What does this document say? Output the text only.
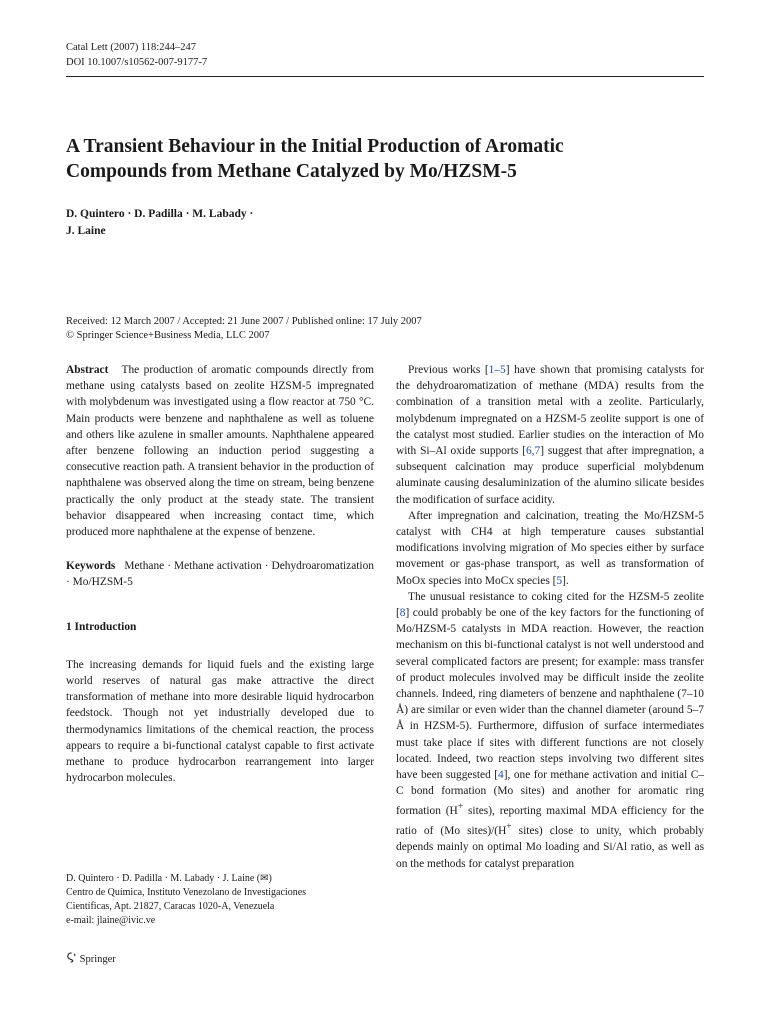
Catal Lett (2007) 118:244–247
DOI 10.1007/s10562-007-9177-7
A Transient Behaviour in the Initial Production of Aromatic
Compounds from Methane Catalyzed by Mo/HZSM-5
D. Quintero · D. Padilla · M. Labady ·
J. Laine
Received: 12 March 2007 / Accepted: 21 June 2007 / Published online: 17 July 2007
© Springer Science+Business Media, LLC 2007

Abstract The production of aromatic compounds directly from methane using catalysts based on zeolite HZSM-5 impregnated with molybdenum was investigated using a flow reactor at 750 °C. Main products were benzene and naphthalene as well as toluene and others like azulene in smaller amounts. Naphthalene appeared after benzene following an induction period suggesting a consecutive reaction path. A transient behavior in the production of naphthalene was observed along the time on stream, being benzene practically the only product at the steady state. The transient behavior disappeared when increasing contact time, which produced more naphthalene at the expense of benzene.

Keywords Methane · Methane activation · Dehydroaromatization · Mo/HZSM-5

1 Introduction

The increasing demands for liquid fuels and the existing large world reserves of natural gas make attractive the direct transformation of methane into more desirable liquid hydrocarbon feedstock. Though not yet industrially developed due to thermodynamics limitations of the chemical reaction, the process appears to require a bi-functional catalyst capable to first activate methane to produce hydrocarbon rearrangement into larger hydrocarbon molecules.

Previous works [1–5] have shown that promising catalysts for the dehydroaromatization of methane (MDA) results from the combination of a transition metal with a zeolite. Particularly, molybdenum impregnated on a HZSM-5 zeolite support is one of the catalyst most studied. Earlier studies on the interaction of Mo with Si–Al oxide supports [6,7] suggest that after impregnation, a subsequent calcination may produce superficial molybdenum aluminate causing desaluminization of the alumino silicate besides the modification of surface acidity.

After impregnation and calcination, treating the Mo/HZSM-5 catalyst with CH4 at high temperature causes substantial modifications involving migration of Mo species either by surface movement or gas-phase transport, as well as transformation of MoOx species into MoCx species [5].

The unusual resistance to coking cited for the HZSM-5 zeolite [8] could probably be one of the key factors for the functioning of Mo/HZSM-5 catalysts in MDA reaction. However, the reaction mechanism on this bi-functional catalyst is not well understood and several complicated factors are present; for example: mass transfer of product molecules involved may be difficult inside the zeolite channels. Indeed, ring diameters of benzene and naphthalene (7–10 Å) are similar or even wider than the channel diameter (around 5–7 Å in HZSM-5). Furthermore, diffusion of surface intermediates must take place if sites with different functions are not closely located. Indeed, two reaction steps involving two different sites have been suggested [4], one for methane activation and initial C–C bond formation (Mo sites) and another for aromatic ring formation (H+ sites), reporting maximal MDA efficiency for the ratio of (Mo sites)/(H+ sites) close to unity, which probably depends mainly on optimal Mo loading and Si/Al ratio, as well as on the methods for catalyst preparation

D. Quintero · D. Padilla · M. Labady · J. Laine (✉)
Centro de Química, Instituto Venezolano de Investigaciones
Científicas, Apt. 21827, Caracas 1020-A, Venezuela
e-mail: jlaine@ivic.ve
Springer
